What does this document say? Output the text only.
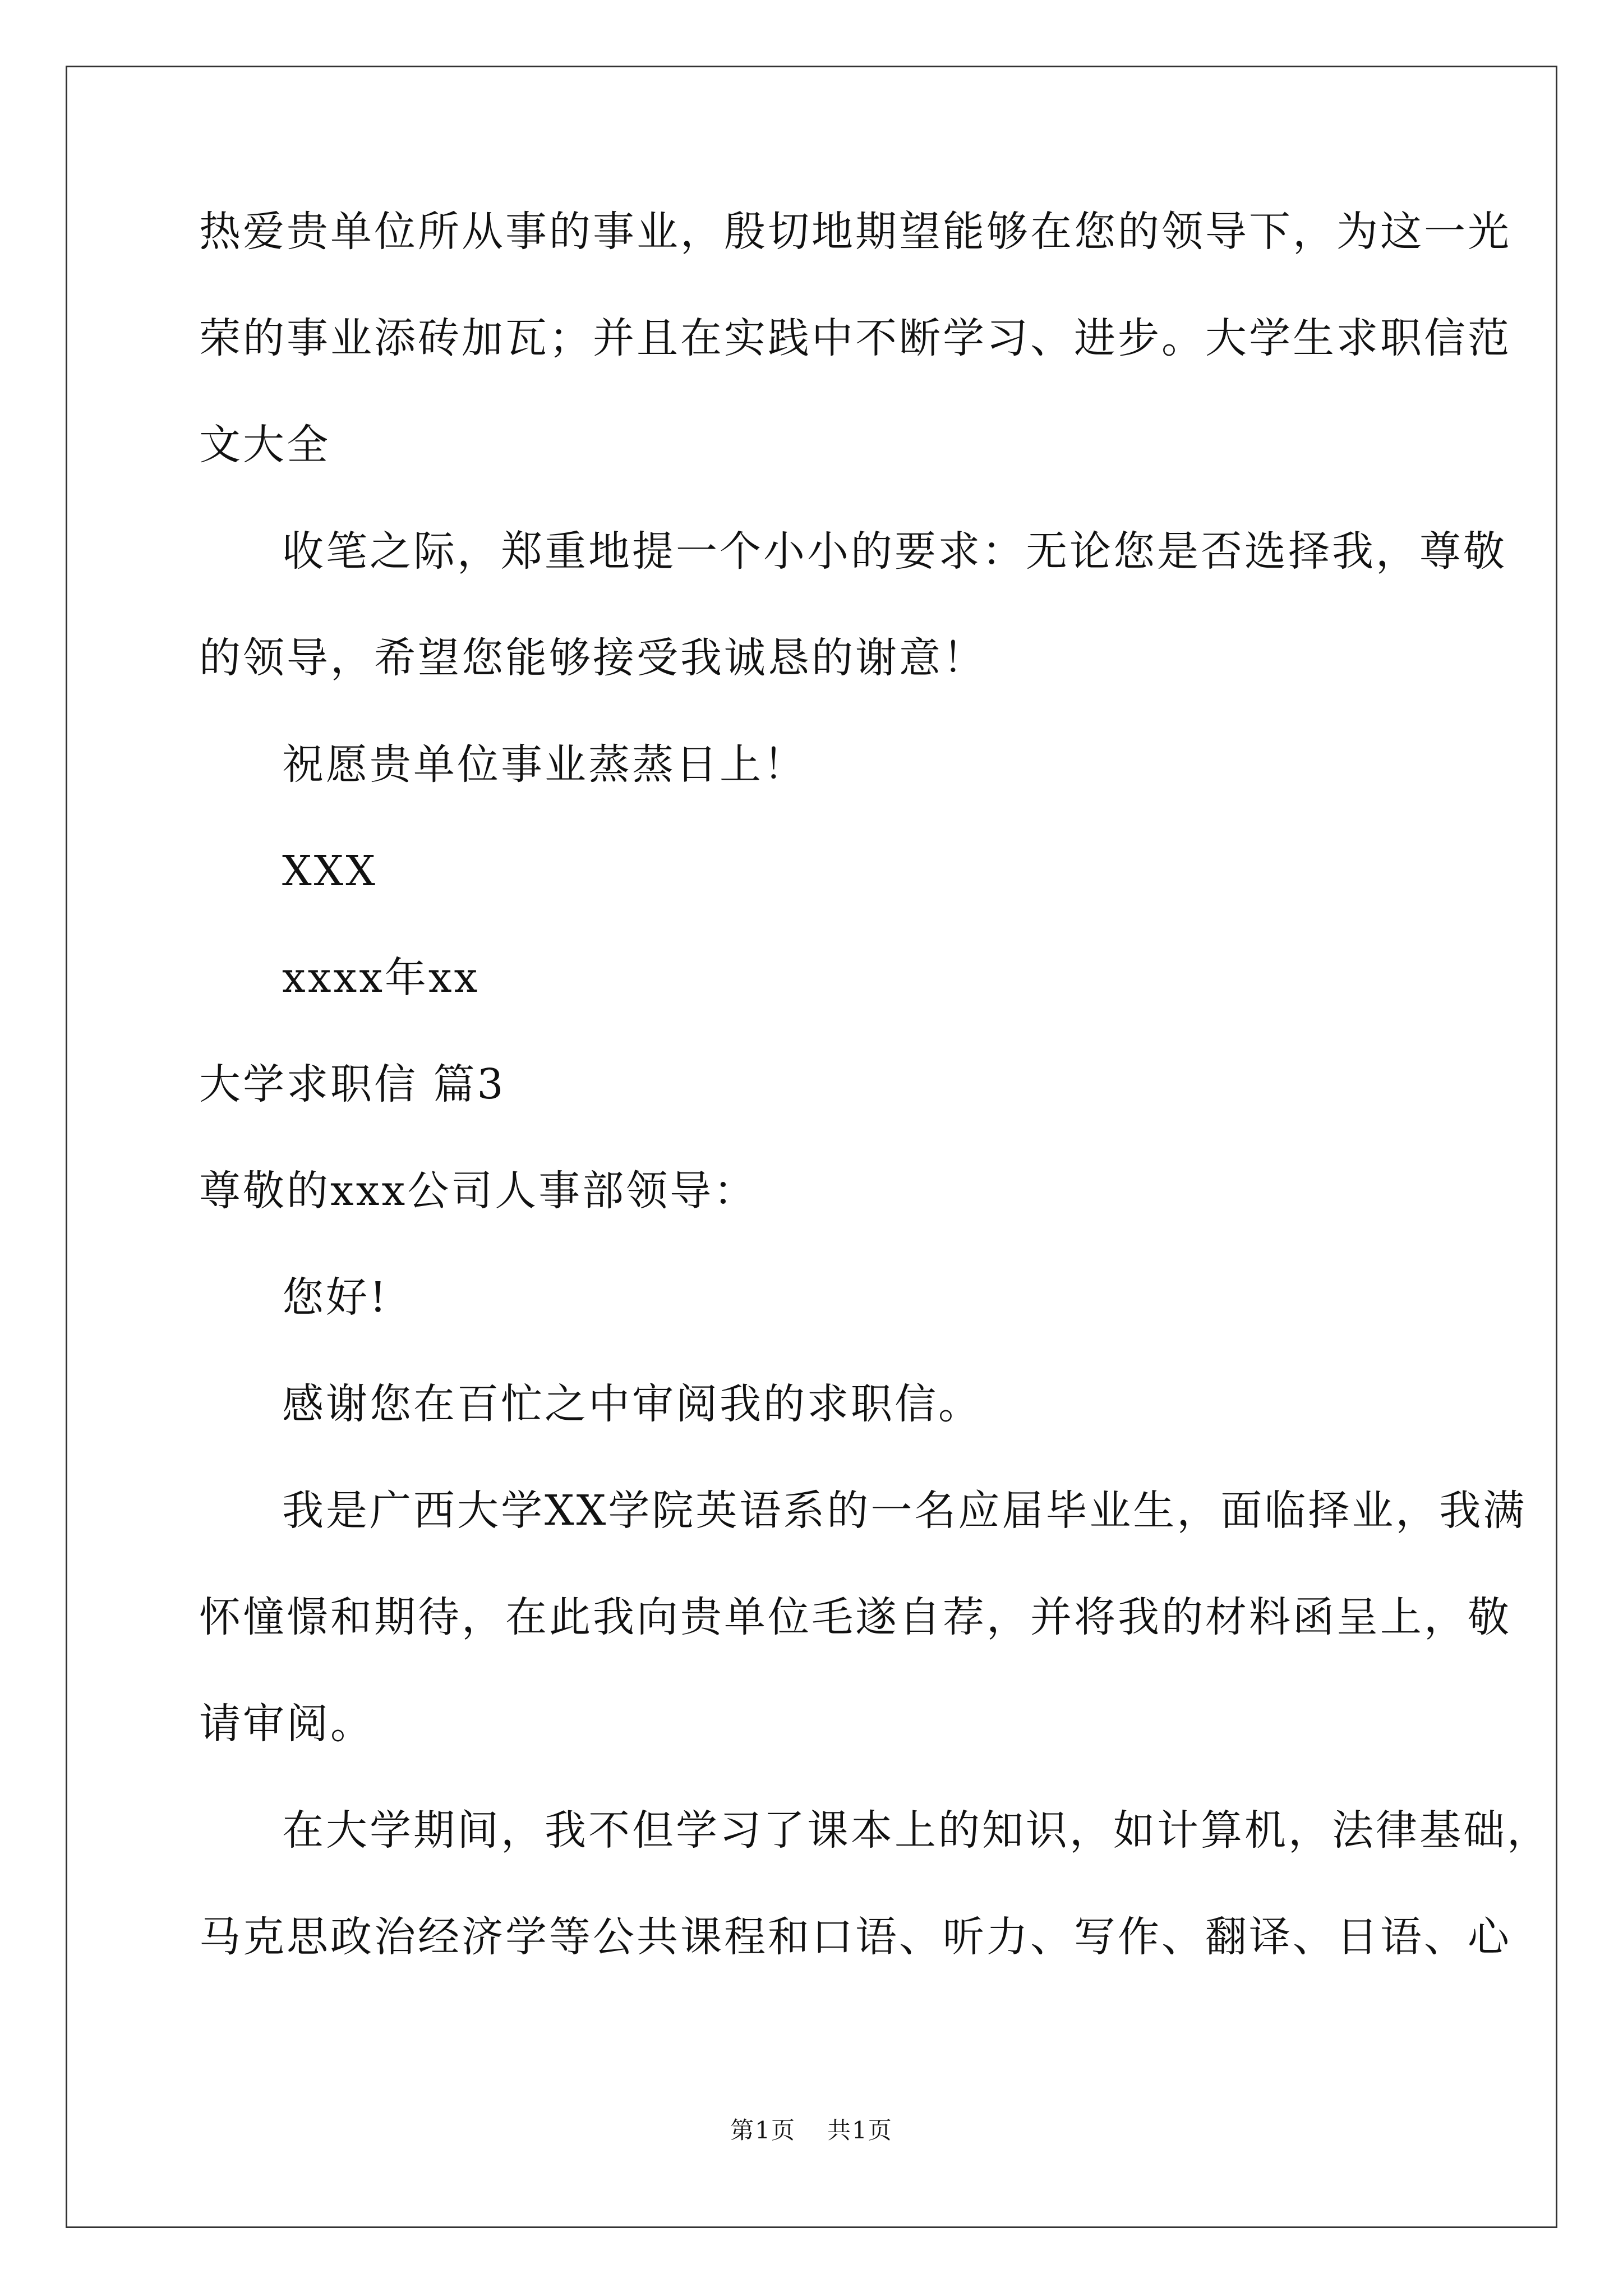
热爱贵单位所从事的事业，殷切地期望能够在您的领导下，为这一光
荣的事业添砖加瓦；并且在实践中不断学习、进步。大学生求职信范
文大全
收笔之际，郑重地提一个小小的要求：无论您是否选择我，尊敬
的领导，希望您能够接受我诚恳的谢意！
祝愿贵单位事业蒸蒸日上！
XXX
xxxx年xx
大学求职信 篇3
尊敬的xxx公司人事部领导：
您好!
感谢您在百忙之中审阅我的求职信。
我是广西大学XX学院英语系的一名应届毕业生，面临择业，我满
怀憧憬和期待，在此我向贵单位毛遂自荐，并将我的材料函呈上，敬
请审阅。
在大学期间，我不但学习了课本上的知识，如计算机，法律基础，
马克思政治经济学等公共课程和口语、听力、写作、翻译、日语、心
第1页 共1页
